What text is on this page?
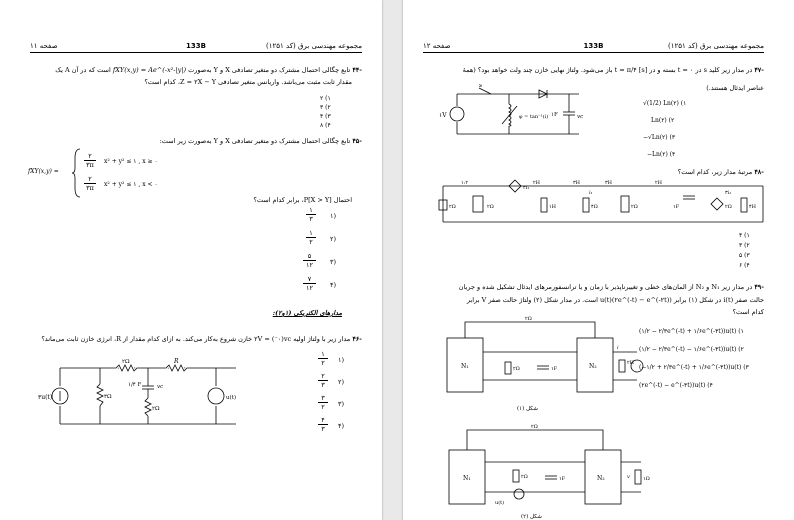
مجموعه مهندسی برق (کد ۱۲۵۱)
133B
صفحه ۱۱
-۴۴ تابع چگالی احتمال مشترک دو متغیر تصادفی X و Y به‌صورت fXY(x,y) = Ae^(-x²-|y|) است که در آن A یک
مقدار ثابت مثبت می‌باشد. واریانس متغیر تصادفی Z = ۲X − Y، کدام است؟
۲ (۱
۳ (۲
۴ (۳
۸ (۴
-۴۵ تابع چگالی احتمال مشترک دو متغیر تصادفی X و Y به‌صورت زیر است:
fXY(x,y) =
۲
۳π	x² + y² ≤ ۱ , x ≥ ۰
۲
۳π	x² + y² ≤ ۱ , x < ۰
احتمال P[X > Y]، برابر کدام است؟
(۱
۱
۳
(۲
۱
۲
(۳
۵
۱۲
(۴
۷
۱۲
مدارهای الکتریکی (۱و۲):
-۴۶ مدار زیر با ولتاژ اولیه ۲V = (⁻۰)vc خازن شروع به‌کار می‌کند. به ازای کدام مقدار از R، انرژی خازن ثابت می‌ماند؟
(۱
۱
۲
(۲
۲
۳
(۳
۳
۲
(۴
۴
۳
۳u(t)	۳Ω
۲Ω
۲Ω
۱/۴ F	vc
R
u(t)
مجموعه مهندسی برق (کد ۱۲۵۱)
133B
صفحه ۱۲
-۴۷ در مدار زیر کلید s در t = ۰ بسته و در t = π/۴ [s] باز می‌شود. ولتاژ نهایی خازن چند ولت خواهد بود؟ (همهٔ
عناصر ایدئال هستند.)
۱V
s
φ = tan⁻¹(i) ۱F	vc
√(1/2) Ln(۲) (۱
Ln(۲) (۲
−√Ln(۲) (۳
−Ln(۲) (۴
-۴۸ مرتبهٔ مدار زیر، کدام است؟
۱:۲
۲Ω	۲Ω
۲H
۱H
۳H
۴Ω
۳H
۲Ω
۲H
۱F	۲Ω	۴H
i₁
۲i₁
۳i₁
۴ (۱
۳ (۲
۵ (۳
۶ (۴
-۴۹ در مدار زیر N₁ و N₂ از المان‌های خطی و تغییرناپذیر با زمان و یا ترانسفورمرهای ایدئال تشکیل شده و جریان
حالت صفر i(t) در شکل (۱) برابر (۲e^(-t) − e^(-۲t))u(t) است. در مدار شکل (۲) ولتاژ حالت صفر V برابر
کدام است؟
N₁	N₂
۲Ω
۲Ω	۱F
۲H
i
شکل (۱)
(۱/۲ − ۲/۳e^(-t) + ۱/۶e^(-۴t))u(t) (۱
(۱/۲ − ۲/۳e^(-t) − ۱/۶e^(-۴t))u(t) (۲
(−۱/۲ + ۲/۳e^(-t) + ۱/۶e^(-۴t))u(t) (۳
(۲e^(-t) − e^(-۴t))u(t) (۴
N₁	N₂
۲Ω
۲Ω	۱F	۱Ω
u(t)
v
شکل (۲)
